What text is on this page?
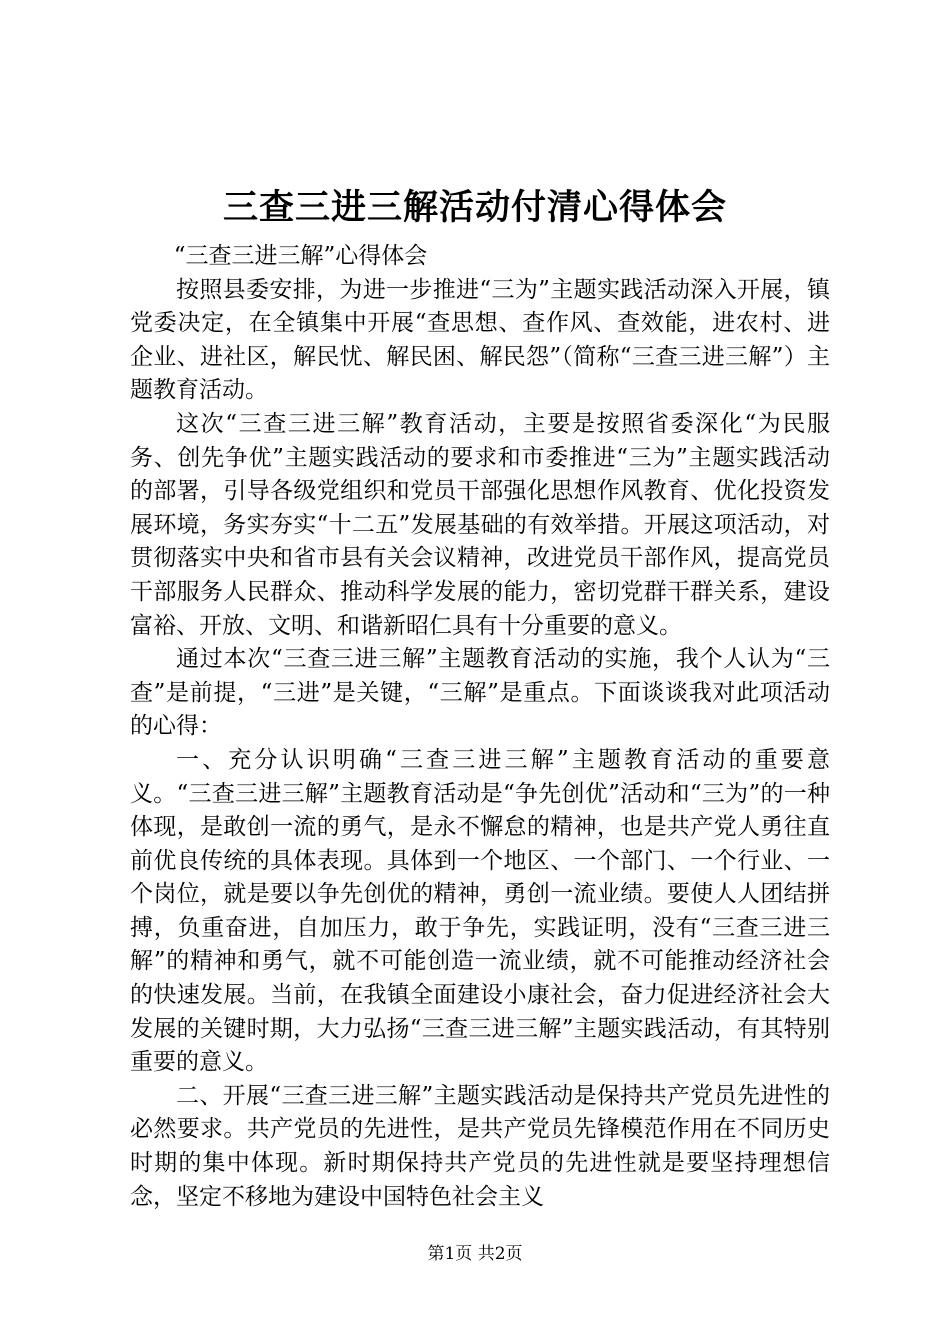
三查三进三解活动付清心得体会

“三查三进三解”心得体会

按照县委安排，为进一步推进“三为”主题实践活动深入开展，镇党委决定，在全镇集中开展“查思想、查作风、查效能，进农村、进企业、进社区，解民忧、解民困、解民怨”（简称“三查三进三解”）主题教育活动。

这次“三查三进三解”教育活动，主要是按照省委深化“为民服务、创先争优”主题实践活动的要求和市委推进“三为”主题实践活动的部署，引导各级党组织和党员干部强化思想作风教育、优化投资发展环境，务实夯实“十二五”发展基础的有效举措。开展这项活动，对贯彻落实中央和省市县有关会议精神，改进党员干部作风，提高党员干部服务人民群众、推动科学发展的能力，密切党群干群关系，建设富裕、开放、文明、和谐新昭仁具有十分重要的意义。

通过本次“三查三进三解”主题教育活动的实施，我个人认为“三查”是前提，“三进”是关键，“三解”是重点。下面谈谈我对此项活动的心得：

一、充分认识明确“三查三进三解”主题教育活动的重要意义。“三查三进三解”主题教育活动是“争先创优”活动和“三为”的一种体现，是敢创一流的勇气，是永不懈怠的精神，也是共产党人勇往直前优良传统的具体表现。具体到一个地区、一个部门、一个行业、一个岗位，就是要以争先创优的精神，勇创一流业绩。要使人人团结拼搏，负重奋进，自加压力，敢于争先，实践证明，没有“三查三进三解”的精神和勇气，就不可能创造一流业绩，就不可能推动经济社会的快速发展。当前，在我镇全面建设小康社会，奋力促进经济社会大发展的关键时期，大力弘扬“三查三进三解”主题实践活动，有其特别重要的意义。

二、开展“三查三进三解”主题实践活动是保持共产党员先进性的必然要求。共产党员的先进性，是共产党员先锋模范作用在不同历史时期的集中体现。新时期保持共产党员的先进性就是要坚持理想信念，坚定不移地为建设中国特色社会主义

第1页 共2页
